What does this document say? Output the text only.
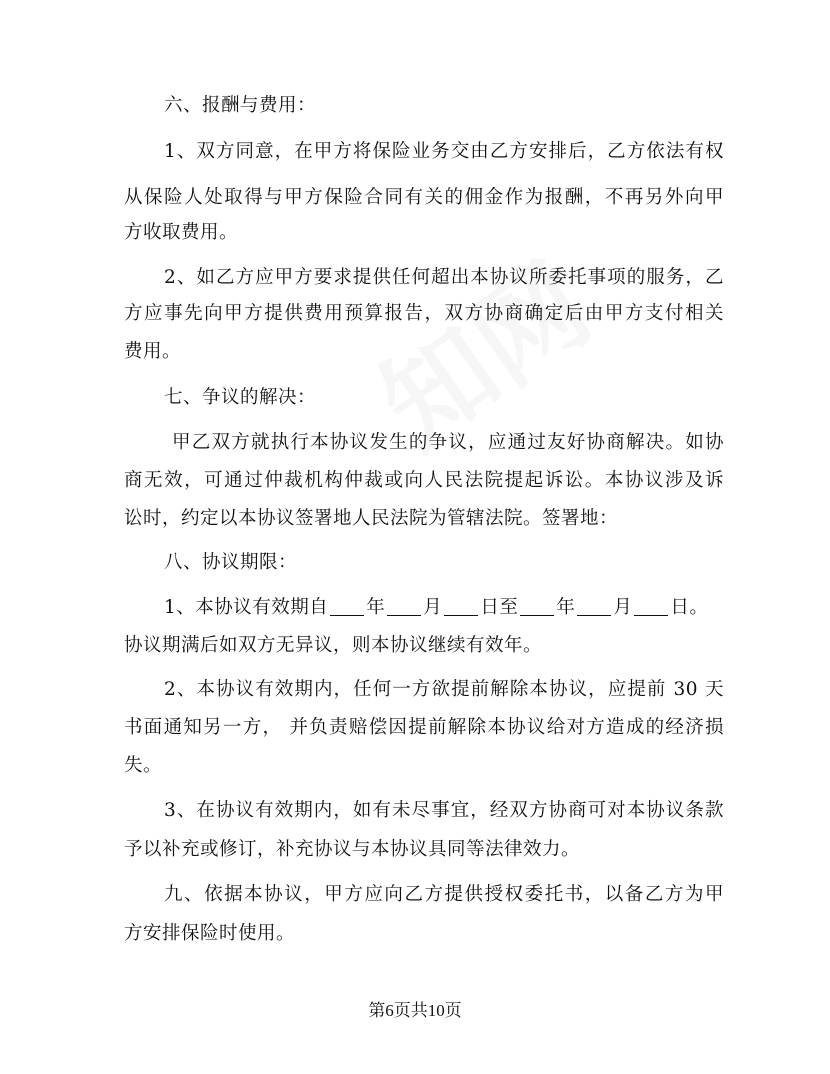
六、报酬与费用：
1、双方同意，在甲方将保险业务交由乙方安排后，乙方依法有权
从保险人处取得与甲方保险合同有关的佣金作为报酬，不再另外向甲
方收取费用。
2、如乙方应甲方要求提供任何超出本协议所委托事项的服务，乙
方应事先向甲方提供费用预算报告，双方协商确定后由甲方支付相关
费用。
七、争议的解决：
甲乙双方就执行本协议发生的争议，应通过友好协商解决。如协
商无效，可通过仲裁机构仲裁或向人民法院提起诉讼。本协议涉及诉
讼时，约定以本协议签署地人民法院为管辖法院。签署地：
八、协议期限：
1、本协议有效期自 年 月 日至 年 月 日。
协议期满后如双方无异议，则本协议继续有效年。
2、本协议有效期内，任何一方欲提前解除本协议，应提前 30 天
书面通知另一方， 并负责赔偿因提前解除本协议给对方造成的经济损
失。
3、在协议有效期内，如有未尽事宜，经双方协商可对本协议条款
予以补充或修订，补充协议与本协议具同等法律效力。
九、依据本协议，甲方应向乙方提供授权委托书，以备乙方为甲
方安排保险时使用。
第6页共10页
